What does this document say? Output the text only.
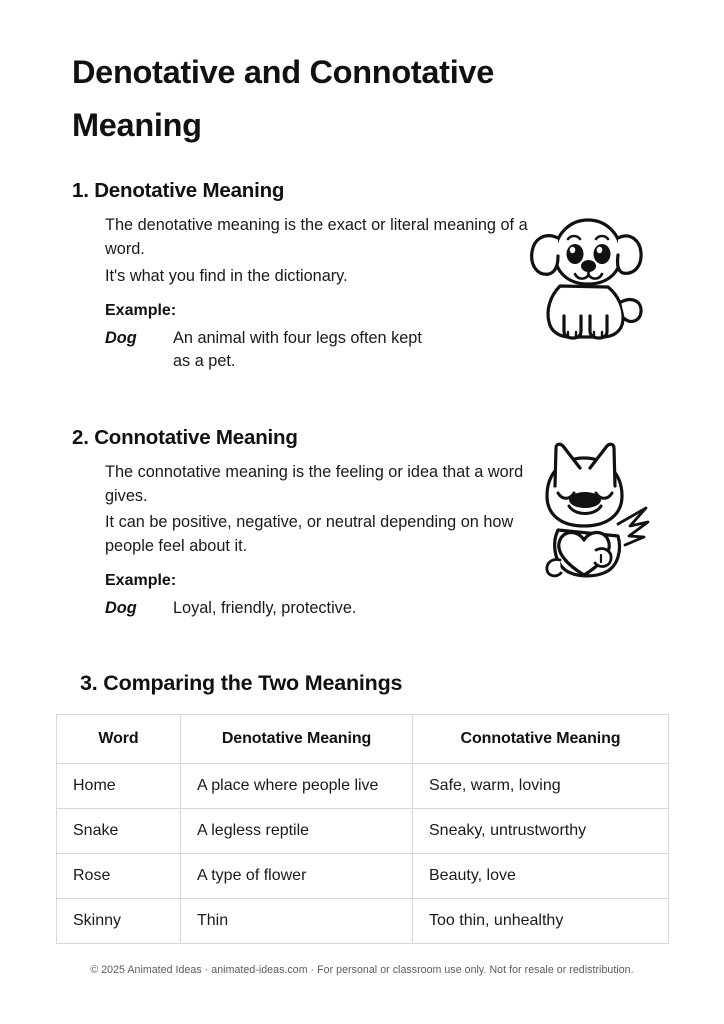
Denotative and Connotative Meaning
1. Denotative Meaning

The denotative meaning is the exact or literal meaning of a word.

It's what you find in the dictionary.

Example:

Dog	An animal with four legs often kept as a pet.
2. Connotative Meaning

The connotative meaning is the feeling or idea that a word gives.

It can be positive, negative, or neutral depending on how people feel about it.

Example:

Dog	Loyal, friendly, protective.
3. Comparing the Two Meanings
Word	Denotative Meaning	Connotative Meaning
Home	A place where people live	Safe, warm, loving
Snake	A legless reptile	Sneaky, untrustworthy
Rose	A type of flower	Beauty, love
Skinny	Thin	Too thin, unhealthy
© 2025 Animated Ideas · animated-ideas.com · For personal or classroom use only. Not for resale or redistribution.
